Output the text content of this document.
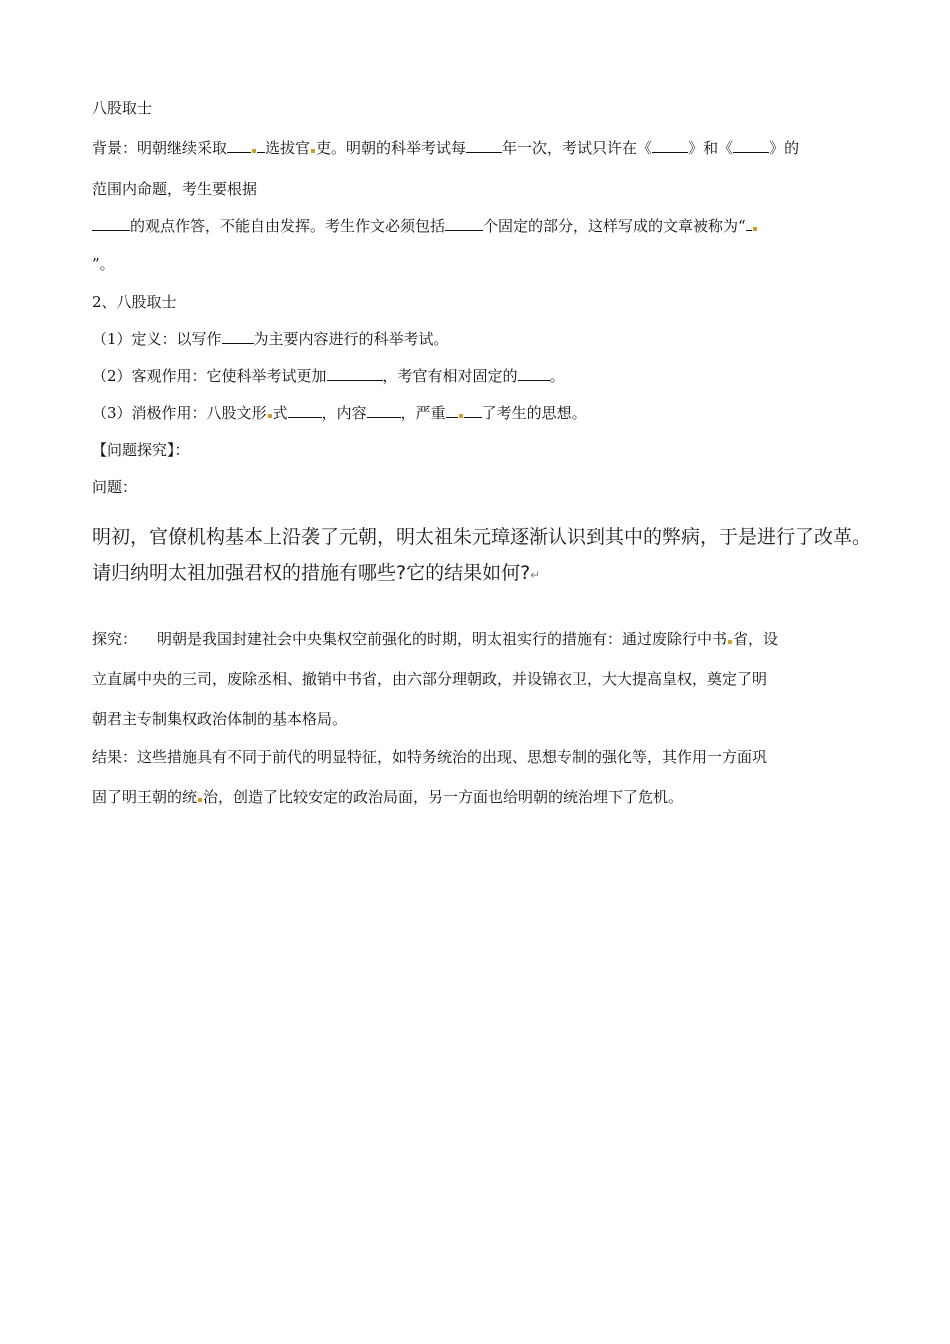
八股取士
背景：明朝继续采取	选拔官 吏。明朝的科举考试每 年一次，考试只许在《 》和《 》的
范围内命题，考生要根据
的观点作答，不能自由发挥。考生作文必须包括	个固定的部分，这样写成的文章被称为“
”。
2、八股取士
（1）定义：以写作 为主要内容进行的科举考试。
（2）客观作用：它使科举考试更加	，考官有相对固定的 。
（3）消极作用：八股文形 式 ，内容 ，严重 了考生的思想。
【问题探究】：
问题：
明初，官僚机构基本上沿袭了元朝，明太祖朱元璋逐渐认识到其中的弊病，于是进行了改革。
请归纳明太祖加强君权的措施有哪些?它的结果如何?↵
探究： 明朝是我国封建社会中央集权空前强化的时期，明太祖实行的措施有：通过废除行中书 省，设
立直属中央的三司，废除丞相、撤销中书省，由六部分理朝政，并设锦衣卫，大大提高皇权，奠定了明
朝君主专制集权政治体制的基本格局。
结果：这些措施具有不同于前代的明显特征，如特务统治的出现、思想专制的强化等，其作用一方面巩
固了明王朝的统 治，创造了比较安定的政治局面，另一方面也给明朝的统治埋下了危机。
